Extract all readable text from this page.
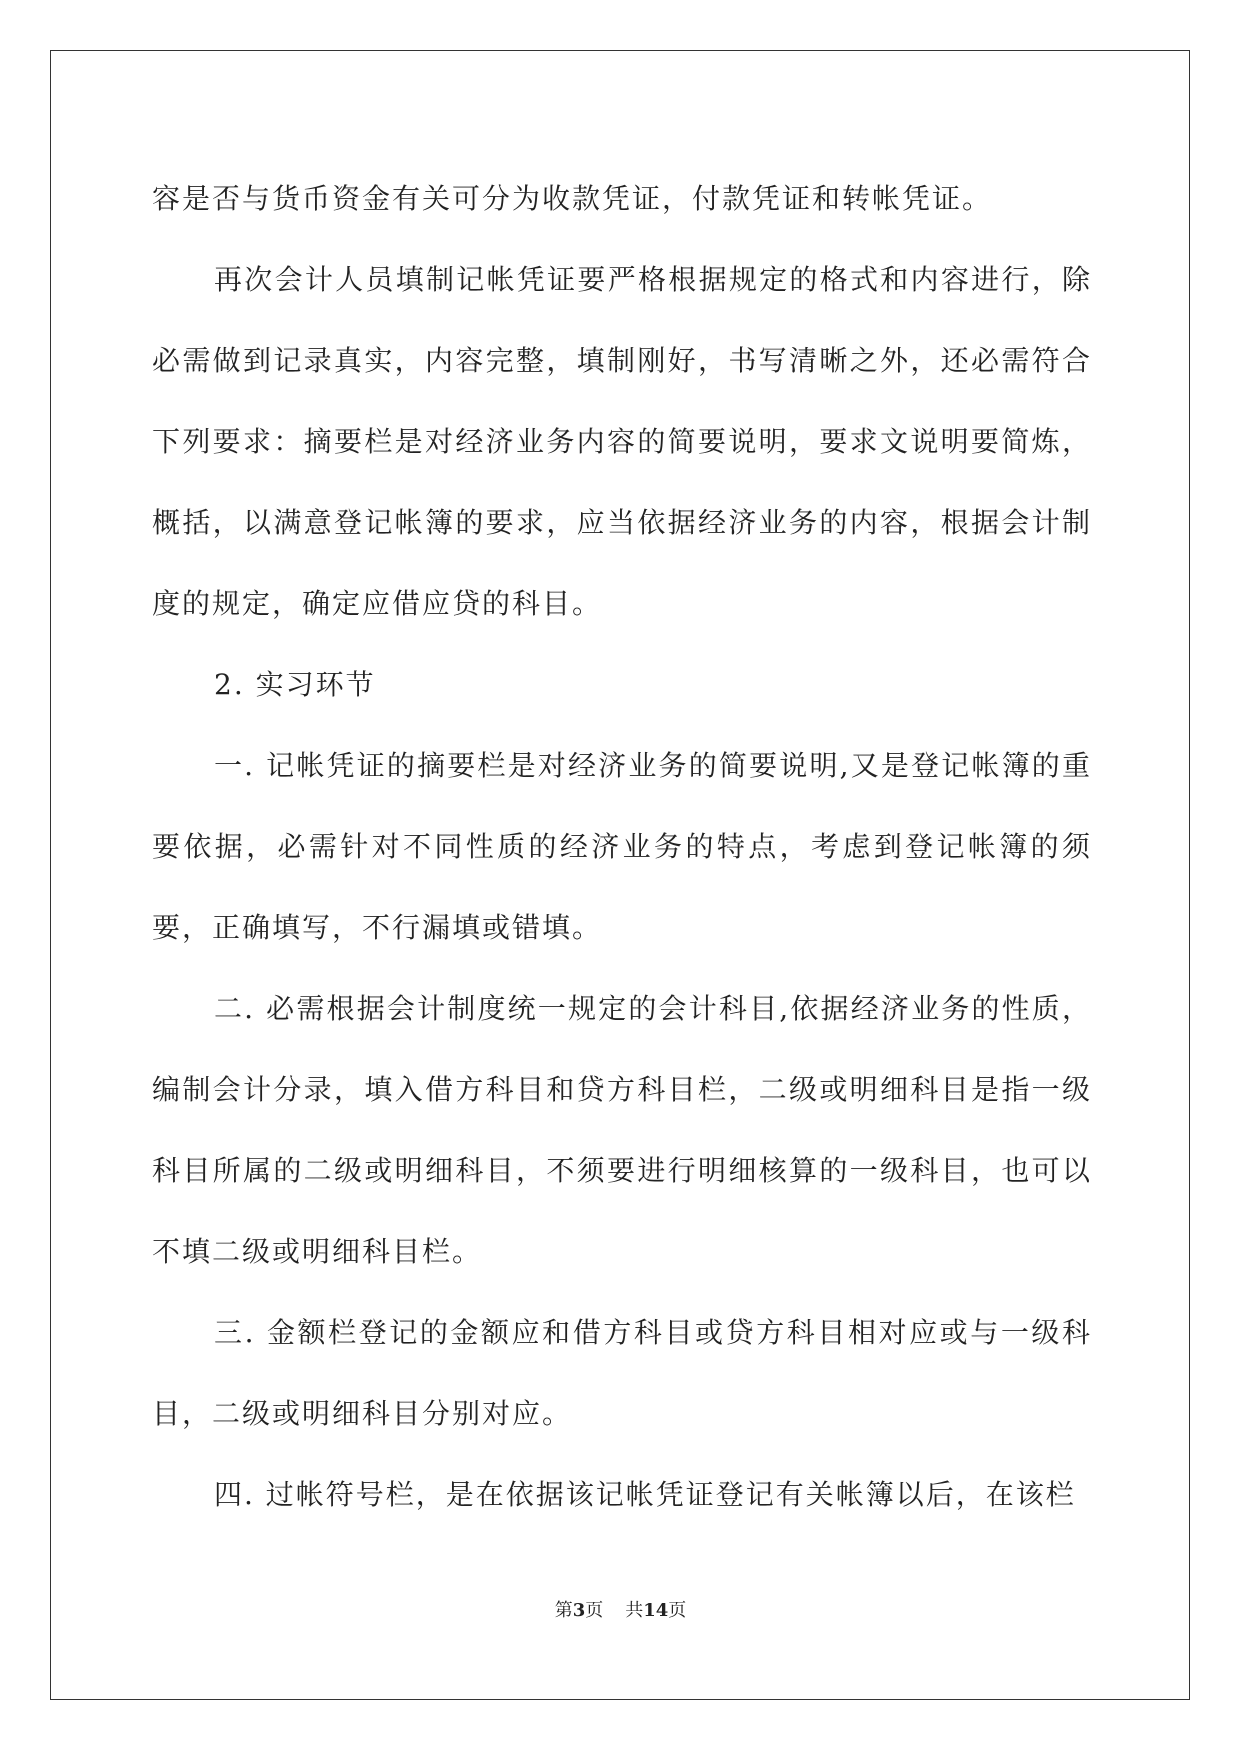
容是否与货币资金有关可分为收款凭证，付款凭证和转帐凭证。

再次会计人员填制记帐凭证要严格根据规定的格式和内容进行，除必需做到记录真实，内容完整，填制刚好，书写清晰之外，还必需符合下列要求：摘要栏是对经济业务内容的简要说明，要求文说明要简炼，概括，以满意登记帐簿的要求，应当依据经济业务的内容，根据会计制度的规定，确定应借应贷的科目。

2. 实习环节

一. 记帐凭证的摘要栏是对经济业务的简要说明,又是登记帐簿的重要依据，必需针对不同性质的经济业务的特点，考虑到登记帐簿的须要，正确填写，不行漏填或错填。

二. 必需根据会计制度统一规定的会计科目,依据经济业务的性质，编制会计分录，填入借方科目和贷方科目栏，二级或明细科目是指一级科目所属的二级或明细科目，不须要进行明细核算的一级科目，也可以不填二级或明细科目栏。

三. 金额栏登记的金额应和借方科目或贷方科目相对应或与一级科目，二级或明细科目分别对应。

四. 过帐符号栏，是在依据该记帐凭证登记有关帐簿以后，在该栏

第3页 共14页
